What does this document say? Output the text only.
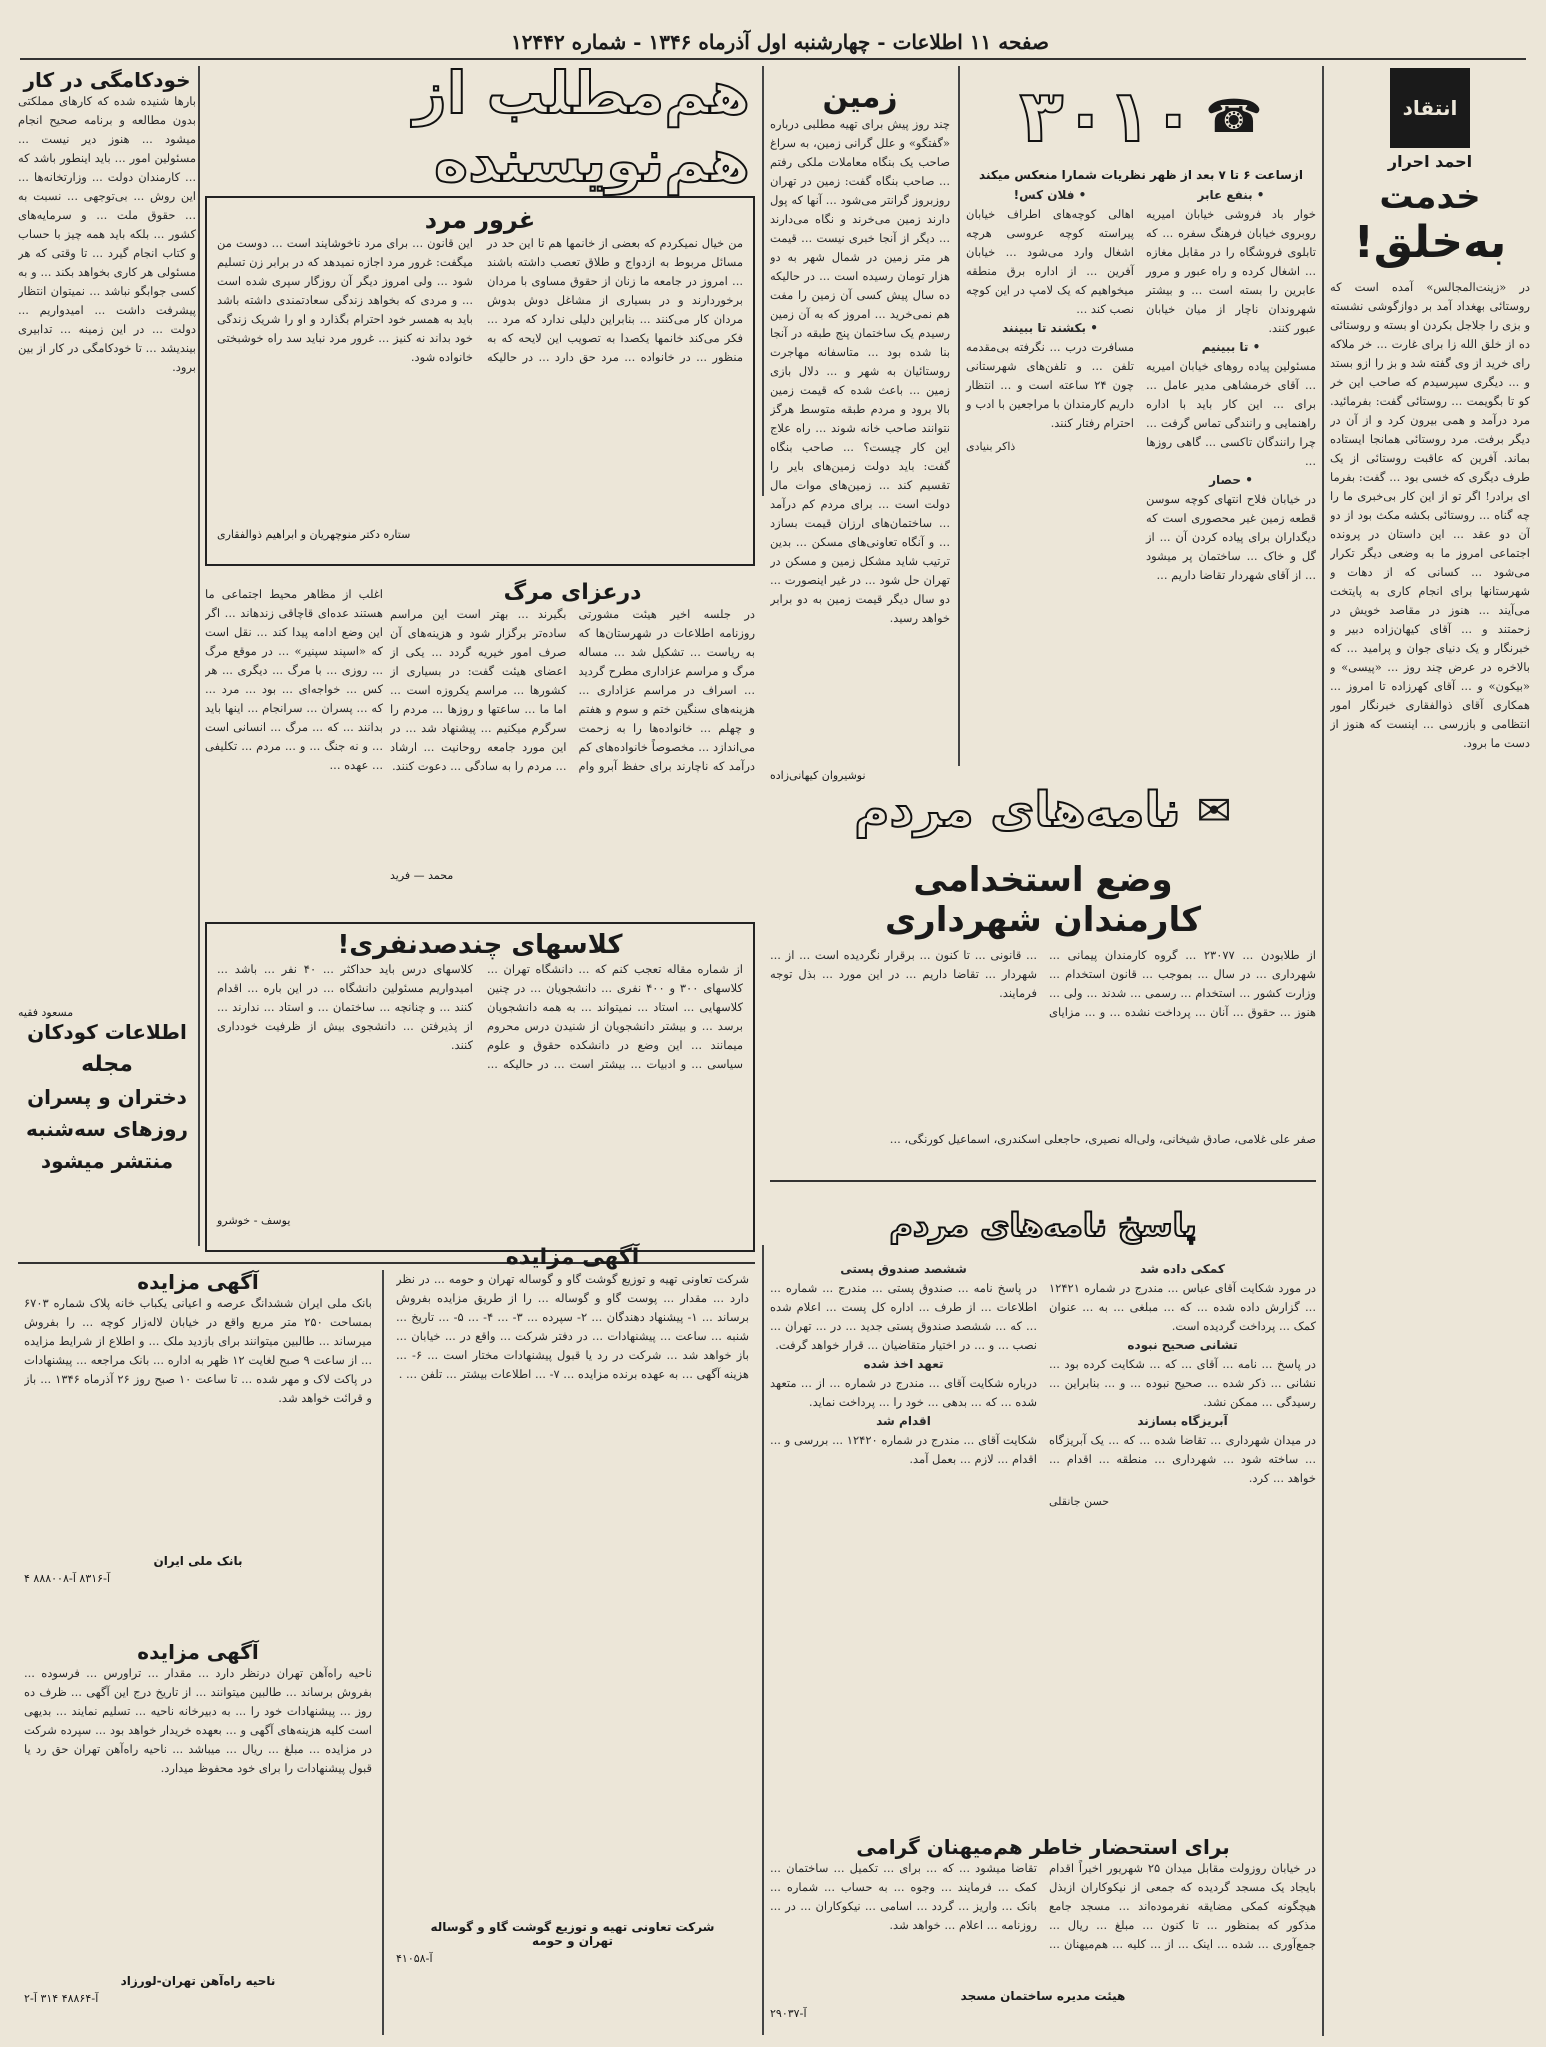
صفحه ۱۱ اطلاعات - چهارشنبه اول آذرماه ۱۳۴۶ - شماره ۱۲۴۴۲
انتقاد
احمد احرار
خدمت
به‌خلق!
در «زینت‌المجالس» آمده است که روستائی بهغداد آمد بر دوازگوشی نشسته و بزی را جلاجل بکردن او بسته و روستائی ده از خلق الله زا برای غارت ... خر ملاکه رای خرید از وی گفته شد و بز را ازو بستد و ... دیگری سپرسیدم که صاحب این خر کو تا بگویمت ... روستائی گفت: بفرمائید. مرد درآمد و همی بیرون کرد و از آن در دیگر برفت. مرد روستائی همانجا ایستاده بماند. آفرین که عاقبت روستائی از یک طرف دیگری که خسی بود ... گفت: بفرما ای برادر! اگر تو از این کار بی‌خبری ما را چه گناه ... روستائی بکشه مکث بود از دو آن دو عقد ... این داستان در پرونده اجتماعی امروز ما به وضعی دیگر تکرار می‌شود ... کسانی که از دهات و شهرستانها برای انجام کاری به پایتخت می‌آیند ... هنوز در مقاصد خویش در زحمتند و ... آقای کیهان‌زاده دبیر و خبرنگار و یک دنیای جوان و پرامید ... که بالاخره در عرض چند روز ... «پیسی» و «بیکون» و ... آقای کهرزاده تا امروز ... همکاری آقای ذوالفقاری خبرنگار امور انتظامی و بازرسی ... اینست که هنوز از دست ما برود.
☎
۳۰۱۰
ازساعت ۶ تا ۷ بعد از ظهر نظریات شمارا منعکس میکند
• بنفع عابر
خوار باد فروشی خیابان امیریه روبروی خیابان فرهنگ سفره ... که تابلوی فروشگاه را در مقابل مغازه ... اشغال کرده و راه عبور و مرور عابرین را بسته است ... و بیشتر شهروندان ناچار از میان خیابان عبور کنند.
• تا ببینیم
مسئولین پیاده روهای خیابان امیریه ... آقای خرمشاهی مدیر عامل ... برای ... این کار باید با اداره راهنمایی و رانندگی تماس گرفت ... چرا رانندگان تاکسی ... گاهی روزها ...
• حصار
در خیابان فلاح انتهای کوچه سوسن قطعه زمین غیر محصوری است که دیگداران برای پیاده کردن آن ... از گل و خاک ... ساختمان پر میشود ... از آقای شهردار تقاضا داریم ...
• فلان کس!
اهالی کوچه‌های اطراف خیابان پیراسته کوچه عروسی هرچه اشغال وارد می‌شود ... خیابان آفرین ... از اداره برق منطقه میخواهیم که یک لامپ در این کوچه نصب کند ...
• بکشند تا ببینند
مسافرت درب ... نگرفته بی‌مقدمه تلفن ... و تلفن‌های شهرستانی چون ۲۴ ساعته است و ... انتظار داریم کارمندان با مراجعین با ادب و احترام رفتار کنند.
ذاکر بنیادی
زمین
چند روز پیش برای تهیه مطلبی درباره «گفتگو» و علل گرانی زمین، به سراغ صاحب یک بنگاه معاملات ملکی رفتم ... صاحب بنگاه گفت: زمین در تهران روزبروز گرانتر می‌شود ... آنها که پول دارند زمین می‌خرند و نگاه می‌دارند ... دیگر از آنجا خبری نیست ... قیمت هر متر زمین در شمال شهر به دو هزار تومان رسیده است ... در حالیکه ده سال پیش کسی آن زمین را مفت هم نمی‌خرید ... امروز که به آن زمین رسیدم یک ساختمان پنج طبقه در آنجا بنا شده بود ... متاسفانه مهاجرت روستائیان به شهر و ... دلال بازی زمین ... باعث شده که قیمت زمین بالا برود و مردم طبقه متوسط هرگز نتوانند صاحب خانه شوند ... راه علاج این کار چیست؟ ... صاحب بنگاه گفت: باید دولت زمین‌های بایر را تقسیم کند ... زمین‌های موات مال دولت است ... برای مردم کم درآمد ... ساختمان‌های ارزان قیمت بسازد ... و آنگاه تعاونی‌های مسکن ... بدین ترتیب شاید مشکل زمین و مسکن در تهران حل شود ... در غیر اینصورت ... دو سال دیگر قیمت زمین به دو برابر خواهد رسید.
نوشیروان کیهانی‌زاده
هم‌مطلب از هم‌نویسنده
غرور مرد
من خیال نمیکردم که بعضی از خانمها هم تا این حد در مسائل مربوط به ازدواج و طلاق تعصب داشته باشند ... امروز در جامعه ما زنان از حقوق مساوی با مردان برخوردارند و در بسیاری از مشاغل دوش بدوش مردان کار می‌کنند ... بنابراین دلیلی ندارد که مرد ... فکر می‌کند خانمها یکصدا به تصویب این لایحه که به منظور ... در خانواده ... مرد حق دارد ... در حالیکه این قانون ... برای مرد ناخوشایند است ... دوست من میگفت: غرور مرد اجازه نمیدهد که در برابر زن تسلیم شود ... ولی امروز دیگر آن روزگار سپری شده است ... و مردی که بخواهد زندگی سعادتمندی داشته باشد باید به همسر خود احترام بگذارد و او را شریک زندگی خود بداند نه کنیز ... غرور مرد نباید سد راه خوشبختی خانواده شود.
ستاره دکتر منوچهریان و ابراهیم ذوالفقاری
خودکامگی در کار
بارها شنیده شده که کارهای مملکتی بدون مطالعه و برنامه صحیح انجام میشود ... هنوز دیر نیست ... مسئولین امور ... باید اینطور باشد که ... کارمندان دولت ... وزارتخانه‌ها ... این روش ... بی‌توجهی ... نسبت به ... حقوق ملت ... و سرمایه‌های کشور ... بلکه باید همه چیز با حساب و کتاب انجام گیرد ... تا وقتی که هر مسئولی هر کاری بخواهد بکند ... و به کسی جوابگو نباشد ... نمیتوان انتظار پیشرفت داشت ... امیدواریم ... دولت ... در این زمینه ... تدابیری بیندیشد ... تا خودکامگی در کار از بین برود.
مسعود فقیه
درعزای مرگ
در جلسه اخیر هیئت مشورتی روزنامه اطلاعات در شهرستان‌ها که به ریاست ... تشکیل شد ... مساله مرگ و مراسم عزاداری مطرح گردید ... اسراف در مراسم عزاداری ... هزینه‌های سنگین ختم و سوم و هفتم و چهلم ... خانواده‌ها را به زحمت می‌اندازد ... مخصوصاً خانواده‌های کم درآمد که ناچارند برای حفظ آبرو وام بگیرند ... بهتر است این مراسم ساده‌تر برگزار شود و هزینه‌های آن صرف امور خیریه گردد ... یکی از اعضای هیئت گفت: در بسیاری از کشورها ... مراسم یکروزه است ... اما ما ... ساعتها و روزها ... مردم را سرگرم میکنیم ... پیشنهاد شد ... در این مورد جامعه روحانیت ... ارشاد ... مردم را به سادگی ... دعوت کنند.
محمد — فرید
اغلب از مظاهر محیط اجتماعی ما هستند عده‌ای قاچاقی زندهاند ... اگر این وضع ادامه پیدا کند ... نقل است که «اسپند سپنیر» ... در موقع مرگ ... روزی ... با مرگ ... دیگری ... هر کس ... خواجه‌ای ... بود ... مرد ... که ... پسران ... سرانجام ... اینها باید بدانند ... که ... مرگ ... انسانی است ... و نه جنگ ... و ... مردم ... تکلیفی ... عهده ...
کلاسهای چندصدنفری!
از شماره مقاله تعجب کنم که ... دانشگاه تهران ... کلاسهای ۳۰۰ و ۴۰۰ نفری ... دانشجویان ... در چنین کلاسهایی ... استاد ... نمیتواند ... به همه دانشجویان برسد ... و بیشتر دانشجویان از شنیدن درس محروم میمانند ... این وضع در دانشکده حقوق و علوم سیاسی ... و ادبیات ... بیشتر است ... در حالیکه ... کلاسهای درس باید حداکثر ... ۴۰ نفر ... باشد ... امیدواریم مسئولین دانشگاه ... در این باره ... اقدام کنند ... و چنانچه ... ساختمان ... و استاد ... ندارند ... از پذیرفتن ... دانشجوی بیش از ظرفیت خودداری کنند.
یوسف - خوشرو
اطلاعات کودکان
مجله
دختران و پسران
روزهای سه‌شنبه
منتشر میشود
آگهی مزایده
بانک ملی ایران ششدانگ عرصه و اعیانی یکباب خانه پلاک شماره ۶۷۰۳ بمساحت ۲۵۰ متر مربع واقع در خیابان لاله‌زار کوچه ... را بفروش میرساند ... طالبین میتوانند برای بازدید ملک ... و اطلاع از شرایط مزایده ... از ساعت ۹ صبح لغایت ۱۲ ظهر به اداره ... بانک مراجعه ... پیشنهادات در پاکت لاک و مهر شده ... تا ساعت ۱۰ صبح روز ۲۶ آذرماه ۱۳۴۶ ... باز و قرائت خواهد شد.
بانک ملی ایران
آ-۸۳۱۶ آ-۸۸۸۰۰۸ ۴
آگهی مزایده
ناحیه راه‌آهن تهران درنظر دارد ... مقدار ... تراورس ... فرسوده ... بفروش برساند ... طالبین میتوانند ... از تاریخ درج این آگهی ... ظرف ده روز ... پیشنهادات خود را ... به دبیرخانه ناحیه ... تسلیم نمایند ... بدیهی است کلیه هزینه‌های آگهی و ... بعهده خریدار خواهد بود ... سپرده شرکت در مزایده ... مبلغ ... ریال ... میباشد ... ناحیه راه‌آهن تهران حق رد یا قبول پیشنهادات را برای خود محفوظ میدارد.
ناحیه راه‌آهن تهران-لورزاد
آ-۴۸۸۶۴ ۳۱۴ آ-۲
آگهی مزایده
شرکت تعاونی تهیه و توزیع گوشت گاو و گوساله تهران و حومه ... در نظر دارد ... مقدار ... پوست گاو و گوساله ... را از طریق مزایده بفروش برساند ... ۱- پیشنهاد دهندگان ... ۲- سپرده ... ۳- ... ۴- ... ۵- ... تاریخ ... شنبه ... ساعت ... پیشنهادات ... در دفتر شرکت ... واقع در ... خیابان ... باز خواهد شد ... شرکت در رد یا قبول پیشنهادات مختار است ... ۶- ... هزینه آگهی ... به عهده برنده مزایده ... ۷- ... اطلاعات بیشتر ... تلفن ... .
شرکت تعاونی تهیه و توزیع گوشت گاو و گوساله
تهران و حومه
آ-۴۱۰۵۸
✉
نامه‌های مردم
وضع استخدامی
کارمندان شهرداری
از طلابودن ... ۲۳۰۷۷ ... گروه کارمندان پیمانی ... شهرداری ... در سال ... بموجب ... قانون استخدام ... وزارت کشور ... استخدام ... رسمی ... شدند ... ولی ... هنوز ... حقوق ... آنان ... پرداخت نشده ... و ... مزایای ... قانونی ... تا کنون ... برقرار نگردیده است ... از ... شهردار ... تقاضا داریم ... در این مورد ... بذل توجه فرمایند.
صفر علی غلامی، صادق شیخانی، ولی‌اله نصیری، حاجعلی اسکندری، اسماعیل کورنگی، ...
پاسخ نامه‌های مردم
کمکی داده شد
در مورد شکایت آقای عباس ... مندرج در شماره ۱۲۴۲۱ ... گزارش داده شده ... که ... مبلغی ... به ... عنوان کمک ... پرداخت گردیده است.
تشانی صحیح نبوده
در پاسخ ... نامه ... آقای ... که ... شکایت کرده بود ... نشانی ... ذکر شده ... صحیح نبوده ... و ... بنابراین ... رسیدگی ... ممکن نشد.
آبریزگاه بسازند
در میدان شهرداری ... تقاضا شده ... که ... یک آبریزگاه ... ساخته شود ... شهرداری ... منطقه ... اقدام ... خواهد ... کرد.
حسن جانقلی
ششصد صندوق پستی
در پاسخ نامه ... صندوق پستی ... مندرج ... شماره ... اطلاعات ... از طرف ... اداره کل پست ... اعلام شده ... که ... ششصد صندوق پستی جدید ... در ... تهران ... نصب ... و ... در اختیار متقاضیان ... قرار خواهد گرفت.
تعهد اخذ شده
درباره شکایت آقای ... مندرج در شماره ... از ... متعهد شده ... که ... بدهی ... خود را ... پرداخت نماید.
اقدام شد
شکایت آقای ... مندرج در شماره ۱۲۴۲۰ ... بررسی و ... اقدام ... لازم ... بعمل آمد.
برای استحضار خاطر هم‌میهنان گرامی
در خیابان روزولت مقابل میدان ۲۵ شهریور اخیراً اقدام بایجاد یک مسجد گردیده که جمعی از نیکوکاران ازبذل هیچگونه کمکی مضایقه نفرموده‌اند ... مسجد جامع مذکور که بمنظور ... تا کنون ... مبلغ ... ریال ... جمع‌آوری ... شده ... اینک ... از ... کلیه ... هم‌میهنان ... تقاضا میشود ... که ... برای ... تکمیل ... ساختمان ... کمک ... فرمایند ... وجوه ... به حساب ... شماره ... بانک ... واریز ... گردد ... اسامی ... نیکوکاران ... در ... روزنامه ... اعلام ... خواهد شد.
هیئت مدیره ساختمان مسجد
آ-۲۹۰۳۷
